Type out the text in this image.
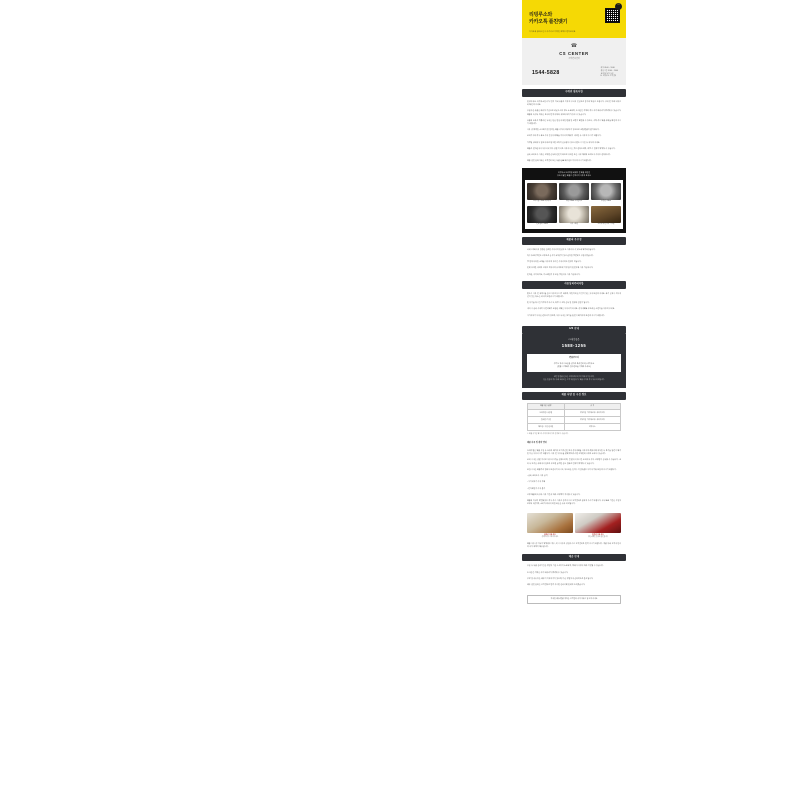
리빙루소와
카카오톡 플친맺기
카카오톡 플러스친구 추가하고 다양한 혜택을 받아보세요
LR
☎
CS CENTER
고객만족센터
1544-5828
평일 09:00 ~ 18:00
점심시간 12:00 ~ 13:00
토/일/공휴일 휴무
E. 리빙루소 고객센터
구매전 필독사항

안녕하세요. 리빙루소입니다. 먼저 저희 상품을 이용해 주셔서 진심으로 감사의 말씀을 드립니다. 구매 전 아래 내용을 꼭 확인해 주세요.

주문하신 상품은 배송일 기준으로 평균 2~5일 정도 소요되며, 도서산간 지역의 경우 추가 배송비가 발생할 수 있습니다. 제품의 특성상 색상은 모니터 환경에 따라 실물과 차이가 있을 수 있습니다.

상품의 포장을 개봉하신 후에는 단순 변심에 의한 반품 및 교환이 제한될 수 있으니, 수령 즉시 제품 상태를 확인해 주시기 바랍니다.

사용 중 발생한 스크래치 및 변색은 제품 하자에 해당하지 않으므로 교환/반품이 불가합니다.

조리기구의 경우 최초 사용 전 중성세제를 이용하여 깨끗이 세척한 후 사용해 주시기 바랍니다.

가열된 상태에서 찬물에 바로 담그면 코팅이 손상될 수 있으니 반드시 식힌 후 세척해 주세요.

제품을 인덕션에서 사용하실 경우 중불 이하로 사용하시는 것을 권장드리며, 과열 시 변형이 발생할 수 있습니다.

금속 조리도구 사용은 코팅면 손상의 원인이 되므로 실리콘 또는 나무 재질의 조리도구 사용을 권장합니다.

제품 관련 문의사항은 고객센터 또는 상품 Q&A 게시판을 이용해 주시기 바랍니다.

리빙루소 프리미엄 쿡웨어 전 제품 라인업
용도에 맞는 제품을 선택하여 사용해 보세요
프라이팬 / 28cm 내열유리	웍팬 / 28cm 스테인리스	궁중팬 / 28cm
전골냄비 / 24cm	사각그릴팬	스리랩 양면 멀티 그릴팬
제품의 우수성

국내 / 해외에서 검증된 원료만 사용하여 안심하고 사용하실 수 있도록 제작되었습니다.

7중 구조의 열전도 코팅으로 음식이 눌어붙지 않고 균일한 열전달을 구현하였습니다.

열 변형에 강한 소재를 사용하여 장시간 사용하여도 변형이 적습니다.

인체 무해한 세라믹 코팅을 적용하여 유해물질 걱정 없이 안전하게 사용 가능합니다.

인덕션, 하이라이트, 가스레인지 등 모든 열원에서 사용 가능합니다.

사용상의주의사항

반드시 사용 전 설명서를 읽고 사용해 주시기 바라며, 어린이의 손이 닿지 않는 곳에 보관해 주세요. 화기 근처나 직사광선이 닿는 장소는 피하여 보관하시기 바랍니다.

빈 용기를 장시간 가열하지 마시고, 과열 시 코팅 손상 및 변형의 원인이 됩니다.

세척 시 금속 수세미나 연마제가 포함된 세제는 사용하지 마세요. 중성세제와 부드러운 스펀지를 사용해 주세요.

식기세척기 사용은 권장하지 않으며, 사용 후에는 물기를 완전히 제거하여 보관해 주시기 바랍니다.

A/S 안내
CJ대한통운
1588-1255
반품주소지
경기도 광주시 초월읍 산이리 물류센터 1동 리빙루소
(반품 시 택배사 접수번호를 기재해 주세요)
교환 및 반품 신청은 수령일로부터 7일 이내에 가능하며,
단순 변심의 경우 왕복 배송비는 고객 부담입니다. 제품 하자의 경우 무상 처리됩니다.
제품 사양 및 구성 정보
제품구분 / 품명	규 격
프라이팬 / 궁중팬	알루미늄 다이캐스팅 / 세라믹코팅
전골팬 / 웍 팬	알루미늄 다이캐스팅 / 세라믹코팅
제조원 / 수입 판매원	리빙루소
※ 제품 규격은 제조사 사정에 따라 일부 변경될 수 있습니다.
제품 사용 및 관리 안내

프라이팬은 제품 구입 후 포장을 제거하고 미지근한 물에 중성세제를 사용하여 깨끗하게 세척한 후 물기를 완전히 제거한 다음 사용하시기 바랍니다. 사용 전 식용유를 얇게 발라주시면 코팅면의 수명을 늘릴 수 있습니다.

조리 시에는 중불 이하로 사용하시기를 권장드리며, 센 불에서 장시간 조리하실 경우 코팅면이 손상될 수 있습니다. 조리 후 뜨거운 상태에서 찬물을 부으면 급격한 온도 변화로 변형이 발생할 수 있습니다.

보관 시에는 제품끼리 겹쳐서 보관하지 마시고, 부드러운 천이나 키친타올을 사이에 끼워 보관해 주시기 바랍니다.

- 금속 조리도구 사용 금지

- 식기세척기 사용 자제

- 전자레인지 사용 불가

코팅 제품의 특성상 사용 기간에 따라 코팅력이 저하될 수 있습니다.

제품의 이상이 발견되었을 경우 즉시 사용을 중지하시고 고객센터로 문의해 주시기 바랍니다. 무상 A/S 기간은 구입일로부터 1년이며, 소비자 과실에 의한 파손은 유상 처리됩니다.

올바른 사용 예시
중약불에서 조리해 주세요
잘못된 사용 예시
강한 화력은 변형의 원인입니다

제품 사용 중 이상이 발생했을 경우, 즉시 사용을 중단하시고 고객센터로 연락 주시기 바랍니다. 정품 등록 고객에 한하여 추가 혜택이 제공됩니다.

배송 안내

주문 후 상품 준비기간은 영업일 기준 1~2일이 소요되며, 택배사 사정에 따라 지연될 수 있습니다.

도서산간 지역은 추가 배송비가 발생할 수 있습니다.

주말 및 공휴일은 배송이 이루어지지 않으며, 다음 영업일에 순차적으로 출고됩니다.

배송 관련 문의는 고객센터로 연락 주시면 신속하게 안내해 드리겠습니다.

자세한 배송/반품 정책은 고객센터 공지사항을 참고해 주세요
